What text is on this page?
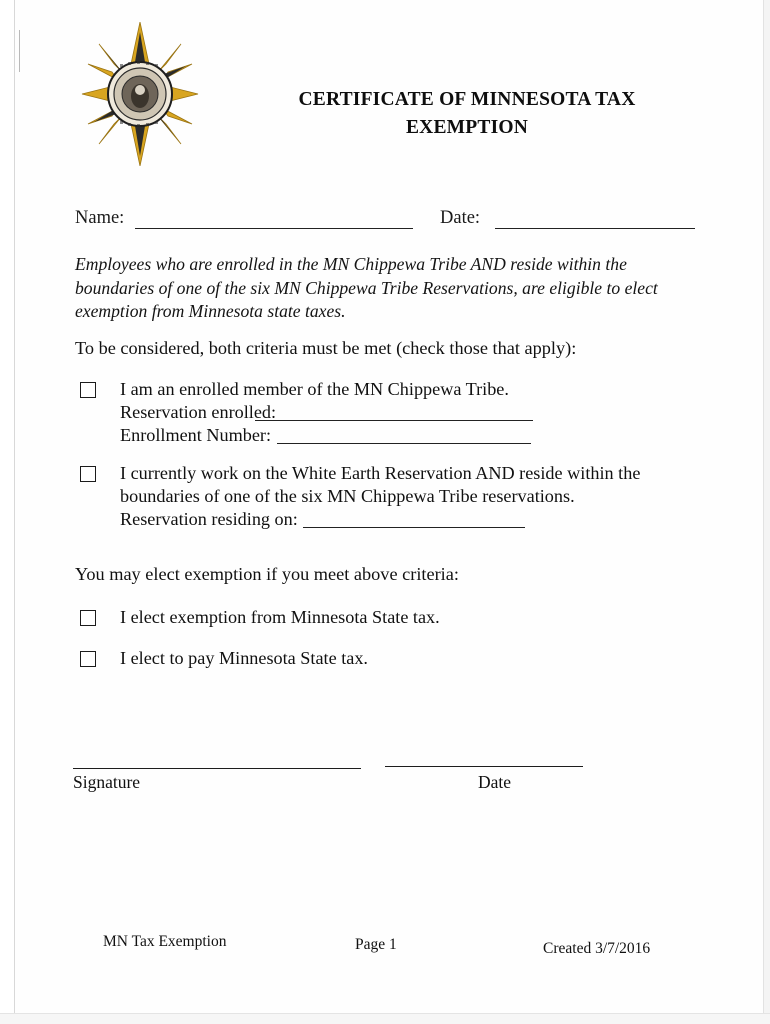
CERTIFICATE OF MINNESOTA TAX
EXEMPTION
Name:	Date:
Employees who are enrolled in the MN Chippewa Tribe AND reside within the boundaries of one of the six MN Chippewa Tribe Reservations, are eligible to elect exemption from Minnesota state taxes.
To be considered, both criteria must be met (check those that apply):
I am an enrolled member of the MN Chippewa Tribe.
Reservation enrolled:
Enrollment Number:
I currently work on the White Earth Reservation AND reside within the
boundaries of one of the six MN Chippewa Tribe reservations.
Reservation residing on:
You may elect exemption if you meet above criteria:
I elect exemption from Minnesota State tax.
I elect to pay Minnesota State tax.
Signature	Date
MN Tax Exemption	Page 1	Created 3/7/2016
